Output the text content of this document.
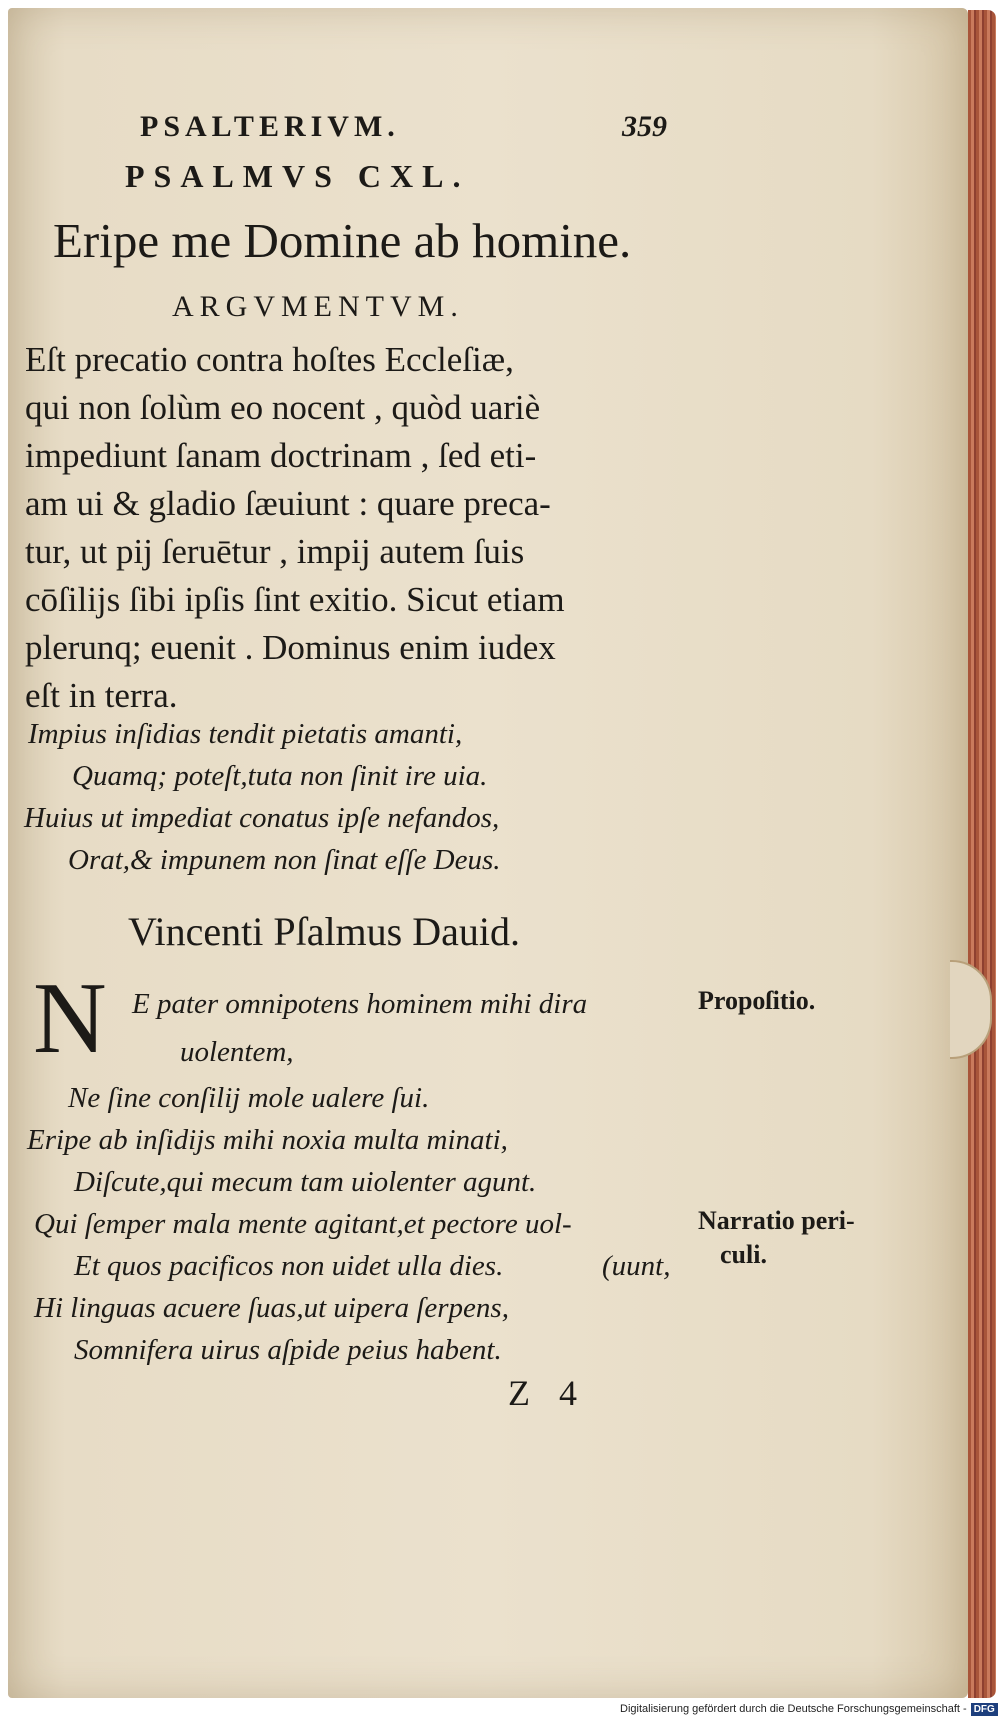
PSALTERIVM.	359
PSALMVS CXL.
Eripe me Domine ab homine.
ARGVMENTVM.
Eſt precatio contra hoſtes Eccleſiæ,
qui non ſolùm eo nocent , quòd uariè
impediunt ſanam doctrinam , ſed eti-
am ui & gladio ſæuiunt : quare preca-
tur, ut pij ſeruētur , impij autem ſuis
cōſilijs ſibi ipſis ſint exitio. Sicut etiam
plerunq; euenit . Dominus enim iudex
eſt in terra.
Impius inſidias tendit pietatis amanti,
Quamq; poteſt,tuta non ſinit ire uia.
Huius ut impediat conatus ipſe nefandos,
Orat,& impunem non ſinat eſſe Deus.
Vincenti Pſalmus Dauid.
N E pater omnipotens hominem mihi dira
uolentem,
Ne ſine conſilij mole ualere ſui.
Eripe ab inſidijs mihi noxia multa minati,
Diſcute,qui mecum tam uiolenter agunt.
Qui ſemper mala mente agitant,et pectore uol-
Et quos pacificos non uidet ulla dies.	(uunt,
Hi linguas acuere ſuas,ut uipera ſerpens,
Somnifera uirus aſpide peius habent.
Propoſitio.
Narratio peri-
culi.
Z 4
Digitalisierung gefördert durch die Deutsche Forschungsgemeinschaft - DFG
